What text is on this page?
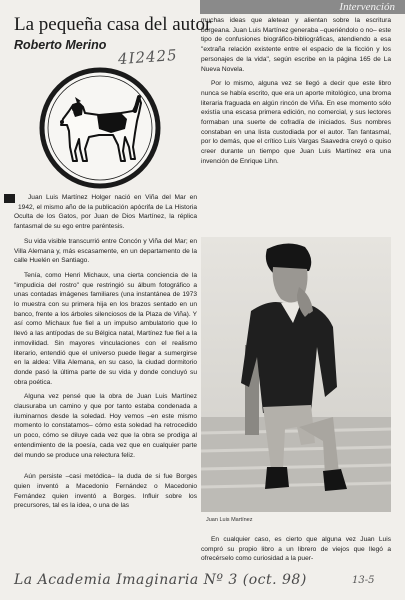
Intervención
La pequeña casa del autor
Roberto Merino
4I2425

Juan Luis Martínez Holger nació en Viña del Mar en 1942, el mismo año de la publicación apócrifa de La Historia Oculta de los Gatos, por Juan de Dios Martínez, la réplica fantasmal de su ego entre paréntesis.

Su vida visible transcurrió entre Concón y Viña del Mar; en Villa Alemana y, más escasamente, en un departamento de la calle Huelén en Santiago.

Tenía, como Henri Michaux, una cierta conciencia de la "impudicia del rostro" que restringió su álbum fotográfico a unas contadas imágenes familiares (una instantánea de 1973 lo muestra con su primera hija en los brazos sentado en un banco, frente a los árboles silenciosos de la Plaza de Viña). Y así como Michaux fue fiel a un impulso ambulatorio que lo llevó a las antípodas de su Bélgica natal, Martínez fue fiel a la inmovilidad. Sin mayores vinculaciones con el realismo literario, entendió que el universo puede llegar a sumergirse en la aldea: Villa Alemana, en su caso, la ciudad dormitorio donde pasó la última parte de su vida y donde concluyó su obra poética.

Alguna vez pensé que la obra de Juan Luis Martínez clausuraba un camino y que por tanto estaba condenada a iluminarnos desde la soledad. Hoy vemos –en este mismo momento lo constatamos– cómo esta soledad ha retrocedido un poco, cómo se diluye cada vez que la obra se prodiga al entendimiento de la poesía, cada vez que en cualquier parte del mundo se produce una relectura feliz.

Aún persiste –casi metódica– la duda de si fue Borges quien inventó a Macedonio Fernández o Macedonio Fernández quien inventó a Borges. Influir sobre los precursores, tal es la idea, o una de las

muchas ideas que aletean y alientan sobre la escritura borgeana. Juan Luis Martínez generaba –queriéndolo o no– este tipo de confusiones biográfico-bibliográficas, atendiendo a esa "extraña relación existente entre el espacio de la ficción y los personajes de la vida", según escribe en la página 165 de La Nueva Novela.

Por lo mismo, alguna vez se llegó a decir que este libro nunca se había escrito, que era un aporte mitológico, una broma literaria fraguada en algún rincón de Viña. En ese momento sólo existía una escasa primera edición, no comercial, y sus lectores formaban una suerte de cofradía de iniciados. Sus nombres constaban en una lista custodiada por el autor. Tan fantasmal, por lo demás, que el crítico Luis Vargas Saavedra creyó o quiso creer durante un tiempo que Juan Luis Martínez era una invención de Enrique Lihn.

Juan Luis Martínez

En cualquier caso, es cierto que alguna vez Juan Luis compró su propio libro a un librero de viejos que llegó a ofrecérselo como curiosidad a la puer-

La Academia Imaginaria Nº 3 (oct. 98)	13-5
